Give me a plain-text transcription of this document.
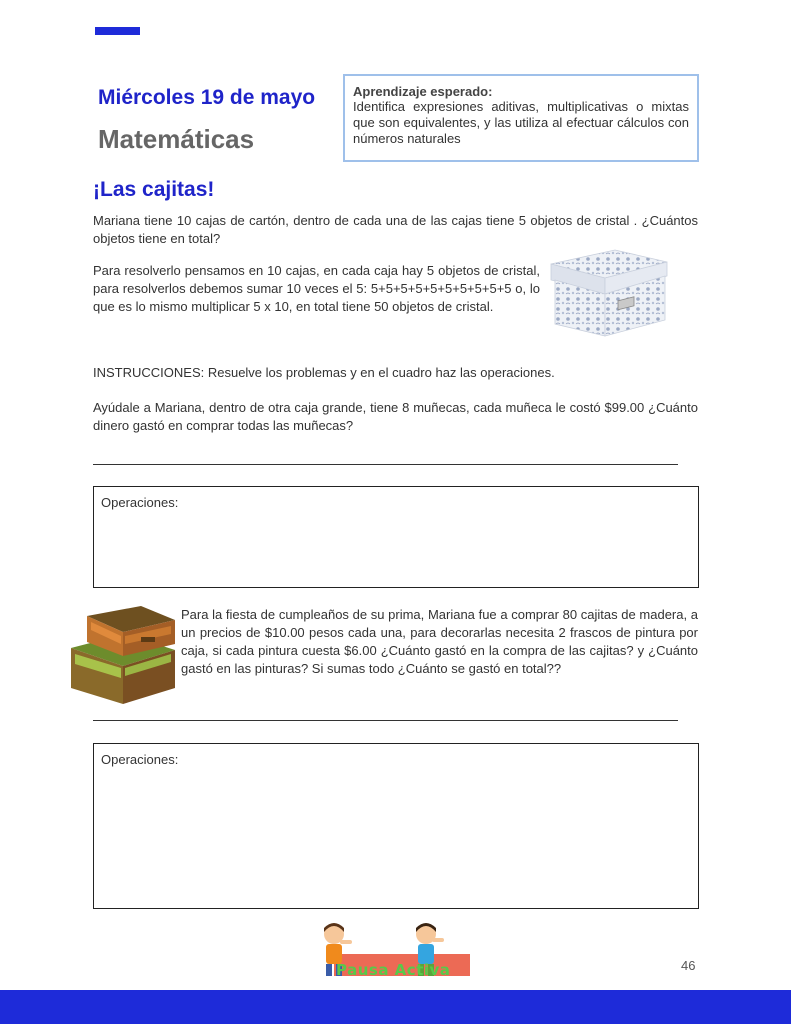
Miércoles 19 de mayo
Matemáticas
Aprendizaje esperado:
Identifica expresiones aditivas, multiplicativas o mixtas que son equivalentes, y las utiliza al efectuar cálculos con números naturales
¡Las cajitas!
Mariana tiene 10 cajas de cartón, dentro de cada una de las cajas tiene 5 objetos de cristal . ¿Cuántos objetos tiene en total?
Para resolverlo pensamos en 10 cajas, en cada caja hay 5 objetos de cristal, para resolverlos debemos sumar 10 veces el 5: 5+5+5+5+5+5+5+5+5+5 o, lo que es lo mismo multiplicar 5 x 10, en total tiene 50 objetos de cristal.
INSTRUCCIONES: Resuelve los problemas y en el cuadro haz las operaciones.
Ayúdale a Mariana, dentro de otra caja grande, tiene 8 muñecas, cada muñeca le costó $99.00 ¿Cuánto dinero gastó en comprar todas las muñecas?
Operaciones:
Para la fiesta de cumpleaños de su prima, Mariana fue a comprar 80 cajitas de madera, a un precios de $10.00 pesos cada una, para decorarlas necesita 2 frascos de pintura por caja, si cada pintura cuesta $6.00 ¿Cuánto gastó en la compra de las cajitas? y ¿Cuánto gastó en las pinturas? Si sumas todo ¿Cuánto se gastó en total??
Operaciones:
Pausa Activa	46
